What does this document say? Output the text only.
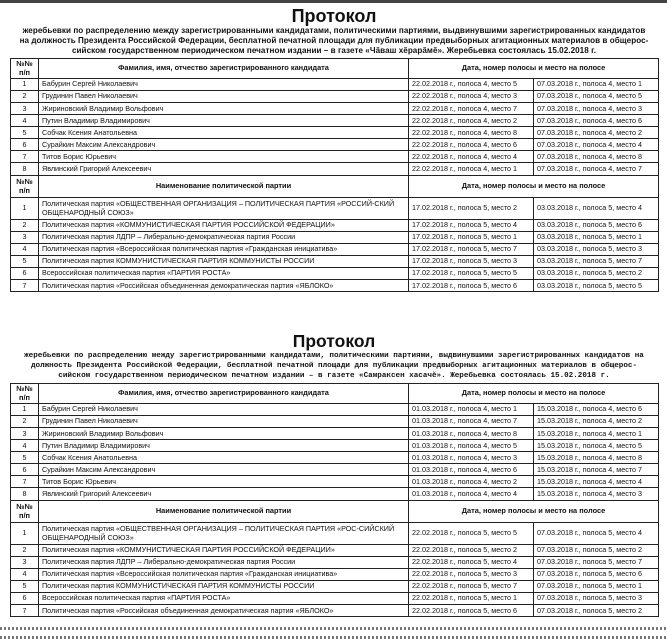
Протокол

жеребьевки по распределению между зарегистрированными кандидатами, политическими партиями, выдвинувшими зарегистрированных кандидатов
на должность Президента Российской Федерации, бесплатной печатной площади для публикации предвыборных агитационных материалов в общерос-
сийском государственном периодическом печатном издании – в газете «Чăваш хĕрарăмĕ». Жеребьевка состоялась 15.02.2018 г.

№№ п/п	Фамилия, имя, отчество зарегистрированного кандидата	Дата, номер полосы и место на полосе	
1	Бабурин Сергей Николаевич	22.02.2018 г., полоса 4, место 5	07.03.2018 г., полоса 4, место 1
2	Грудинин Павел Николаевич	22.02.2018 г., полоса 4, место 3	07.03.2018 г., полоса 4, место 5
3	Жириновский Владимир Вольфович	22.02.2018 г., полоса 4, место 7	07.03.2018 г., полоса 4, место 3
4	Путин Владимир Владимирович	22.02.2018 г., полоса 4, место 2	07.03.2018 г., полоса 4, место 6
5	Собчак Ксения Анатольевна	22.02.2018 г., полоса 4, место 8	07.03.2018 г., полоса 4, место 2
6	Сурайкин Максим Александрович	22.02.2018 г., полоса 4, место 6	07.03.2018 г., полоса 4, место 4
7	Титов Борис Юрьевич	22.02.2018 г., полоса 4, место 4	07.03.2018 г., полоса 4, место 8
8	Явлинский Григорий Алексеевич	22.02.2018 г., полоса 4, место 1	07.03.2018 г., полоса 4, место 7
№№ п/п	Наименование политической партии	Дата, номер полосы и место на полосе	
1	Политическая партия «ОБЩЕСТВЕННАЯ ОРГАНИЗАЦИЯ – ПОЛИТИЧЕСКАЯ ПАРТИЯ «РОССИЙ-СКИЙ ОБЩЕНАРОДНЫЙ СОЮЗ»	17.02.2018 г., полоса 5, место 2	03.03.2018 г., полоса 5, место 4
2	Политическая партия «КОММУНИСТИЧЕСКАЯ ПАРТИЯ РОССИЙСКОЙ ФЕДЕРАЦИИ»	17.02.2018 г., полоса 5, место 4	03.03.2018 г., полоса 5, место 6
3	Политическая партия ЛДПР – Либерально-демократическая партия России	17.02.2018 г., полоса 5, место 1	03.03.2018 г., полоса 5, место 1
4	Политическая партия «Всероссийская политическая партия «Гражданская инициатива»	17.02.2018 г., полоса 5, место 7	03.03.2018 г., полоса 5, место 3
5	Политическая партия КОММУНИСТИЧЕСКАЯ ПАРТИЯ КОММУНИСТЫ РОССИИ	17.02.2018 г., полоса 5, место 3	03.03.2018 г., полоса 5, место 7
6	Всероссийская политическая партия «ПАРТИЯ РОСТА»	17.02.2018 г., полоса 5, место 5	03.03.2018 г., полоса 5, место 2
7	Политическая партия «Российская объединенная демократическая партия «ЯБЛОКО»	17.02.2018 г., полоса 5, место 6	03.03.2018 г., полоса 5, место 5
Протокол

жеребьевки по распределению между зарегистрированными кандидатами, политическими партиями, выдвинувшими зарегистрированных кандидатов на
должность Президента Российской Федерации, бесплатной печатной площади для публикации предвыборных агитационных материалов в общерос-
сийском государственном периодическом печатном издании – в газете «Самраксен хасачĕ». Жеребьевка состоялась 15.02.2018 г.

№№ п/п	Фамилия, имя, отчество зарегистрированного кандидата	Дата, номер полосы и место на полосе	
1	Бабурин Сергей Николаевич	01.03.2018 г., полоса 4, место 1	15.03.2018 г., полоса 4, место 6
2	Грудинин Павел Николаевич	01.03.2018 г., полоса 4, место 7	15.03.2018 г., полоса 4, место 2
3	Жириновский Владимир Вольфович	01.03.2018 г., полоса 4, место 8	15.03.2018 г., полоса 4, место 1
4	Путин Владимир Владимирович	01.03.2018 г., полоса 4, место 5	15.03.2018 г., полоса 4, место 5
5	Собчак Ксения Анатольевна	01.03.2018 г., полоса 4, место 3	15.03.2018 г., полоса 4, место 8
6	Сурайкин Максим Александрович	01.03.2018 г., полоса 4, место 6	15.03.2018 г., полоса 4, место 7
7	Титов Борис Юрьевич	01.03.2018 г., полоса 4, место 2	15.03.2018 г., полоса 4, место 4
8	Явлинский Григорий Алексеевич	01.03.2018 г., полоса 4, место 4	15.03.2018 г., полоса 4, место 3
№№ п/п	Наименование политической партии	Дата, номер полосы и место на полосе	
1	Политическая партия «ОБЩЕСТВЕННАЯ ОРГАНИЗАЦИЯ – ПОЛИТИЧЕСКАЯ ПАРТИЯ «РОС-СИЙСКИЙ ОБЩЕНАРОДНЫЙ СОЮЗ»	22.02.2018 г., полоса 5, место 5	07.03.2018 г., полоса 5, место 4
2	Политическая партия «КОММУНИСТИЧЕСКАЯ ПАРТИЯ РОССИЙСКОЙ ФЕДЕРАЦИИ»	22.02.2018 г., полоса 5, место 2	07.03.2018 г., полоса 5, место 2
3	Политическая партия ЛДПР – Либерально-демократическая партия России	22.02.2018 г., полоса 5, место 4	07.03.2018 г., полоса 5, место 7
4	Политическая партия «Всероссийская политическая партия «Гражданская инициатива»	22.02.2018 г., полоса 5, место 3	07.03.2018 г., полоса 5, место 6
5	Политическая партия КОММУНИСТИЧЕСКАЯ ПАРТИЯ КОММУНИСТЫ РОССИИ	22.02.2018 г., полоса 5, место 7	07.03.2018 г., полоса 5, место 1
6	Всероссийская политическая партия «ПАРТИЯ РОСТА»	22.02.2018 г., полоса 5, место 1	07.03.2018 г., полоса 5, место 3
7	Политическая партия «Российская объединенная демократическая партия «ЯБЛОКО»	22.02.2018 г., полоса 5, место 6	07.03.2018 г., полоса 5, место 2
